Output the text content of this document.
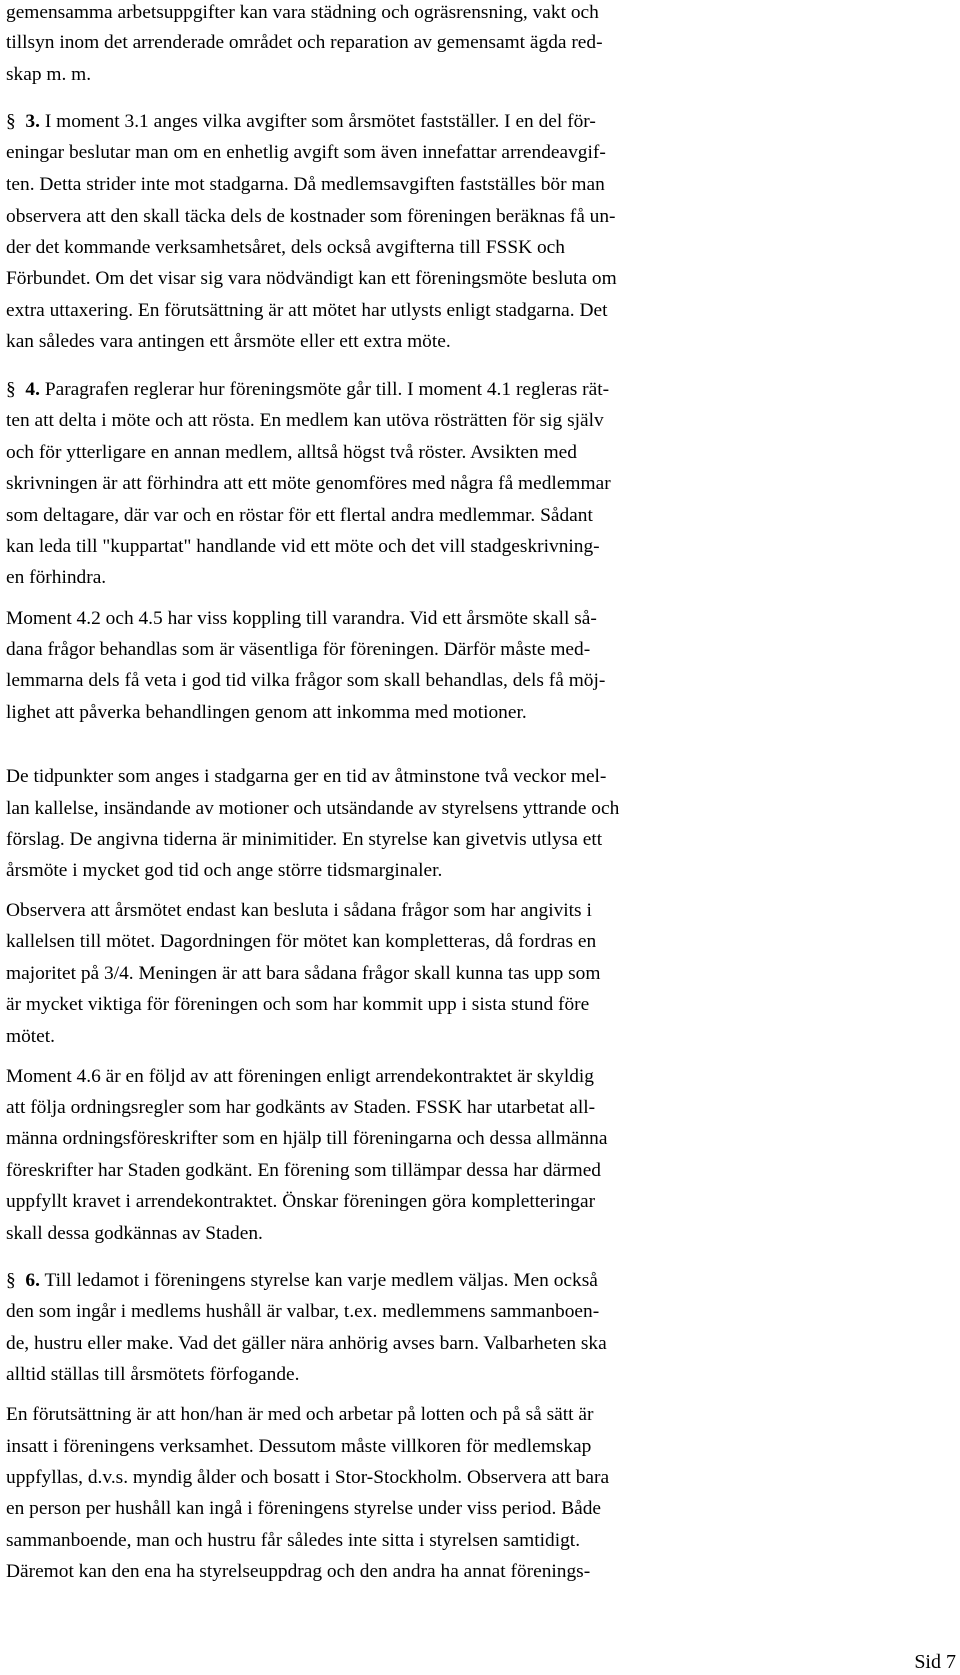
gemensamma arbetsuppgifter kan vara städning och ogräsrensning, vakt och
tillsyn inom det arrenderade området och reparation av gemensamt ägda red-
skap m. m.
§ 3. I moment 3.1 anges vilka avgifter som årsmötet fastställer. I en del för-
eningar beslutar man om en enhetlig avgift som även innefattar arrendeavgif-
ten. Detta strider inte mot stadgarna. Då medlemsavgiften fastställes bör man
observera att den skall täcka dels de kostnader som föreningen beräknas få un-
der det kommande verksamhetsåret, dels också avgifterna till FSSK och
Förbundet. Om det visar sig vara nödvändigt kan ett föreningsmöte besluta om
extra uttaxering. En förutsättning är att mötet har utlysts enligt stadgarna. Det
kan således vara antingen ett årsmöte eller ett extra möte.
§ 4. Paragrafen reglerar hur föreningsmöte går till. I moment 4.1 regleras rät-
ten att delta i möte och att rösta. En medlem kan utöva rösträtten för sig själv
och för ytterligare en annan medlem, alltså högst två röster. Avsikten med
skrivningen är att förhindra att ett möte genomföres med några få medlemmar
som deltagare, där var och en röstar för ett flertal andra medlemmar. Sådant
kan leda till "kuppartat" handlande vid ett möte och det vill stadgeskrivning-
en förhindra.
Moment 4.2 och 4.5 har viss koppling till varandra. Vid ett årsmöte skall så-
dana frågor behandlas som är väsentliga för föreningen. Därför måste med-
lemmarna dels få veta i god tid vilka frågor som skall behandlas, dels få möj-
lighet att påverka behandlingen genom att inkomma med motioner.
De tidpunkter som anges i stadgarna ger en tid av åtminstone två veckor mel-
lan kallelse, insändande av motioner och utsändande av styrelsens yttrande och
förslag. De angivna tiderna är minimitider. En styrelse kan givetvis utlysa ett
årsmöte i mycket god tid och ange större tidsmarginaler.
Observera att årsmötet endast kan besluta i sådana frågor som har angivits i
kallelsen till mötet. Dagordningen för mötet kan kompletteras, då fordras en
majoritet på 3/4. Meningen är att bara sådana frågor skall kunna tas upp som
är mycket viktiga för föreningen och som har kommit upp i sista stund före
mötet.
Moment 4.6 är en följd av att föreningen enligt arrendekontraktet är skyldig
att följa ordningsregler som har godkänts av Staden. FSSK har utarbetat all-
männa ordningsföreskrifter som en hjälp till föreningarna och dessa allmänna
föreskrifter har Staden godkänt. En förening som tillämpar dessa har därmed
uppfyllt kravet i arrendekontraktet. Önskar föreningen göra kompletteringar
skall dessa godkännas av Staden.
§ 6. Till ledamot i föreningens styrelse kan varje medlem väljas. Men också
den som ingår i medlems hushåll är valbar, t.ex. medlemmens sammanboen-
de, hustru eller make. Vad det gäller nära anhörig avses barn. Valbarheten ska
alltid ställas till årsmötets förfogande.
En förutsättning är att hon/han är med och arbetar på lotten och på så sätt är
insatt i föreningens verksamhet. Dessutom måste villkoren för medlemskap
uppfyllas, d.v.s. myndig ålder och bosatt i Stor-Stockholm. Observera att bara
en person per hushåll kan ingå i föreningens styrelse under viss period. Både
sammanboende, man och hustru får således inte sitta i styrelsen samtidigt.
Däremot kan den ena ha styrelseuppdrag och den andra ha annat förenings-
Sid 7
